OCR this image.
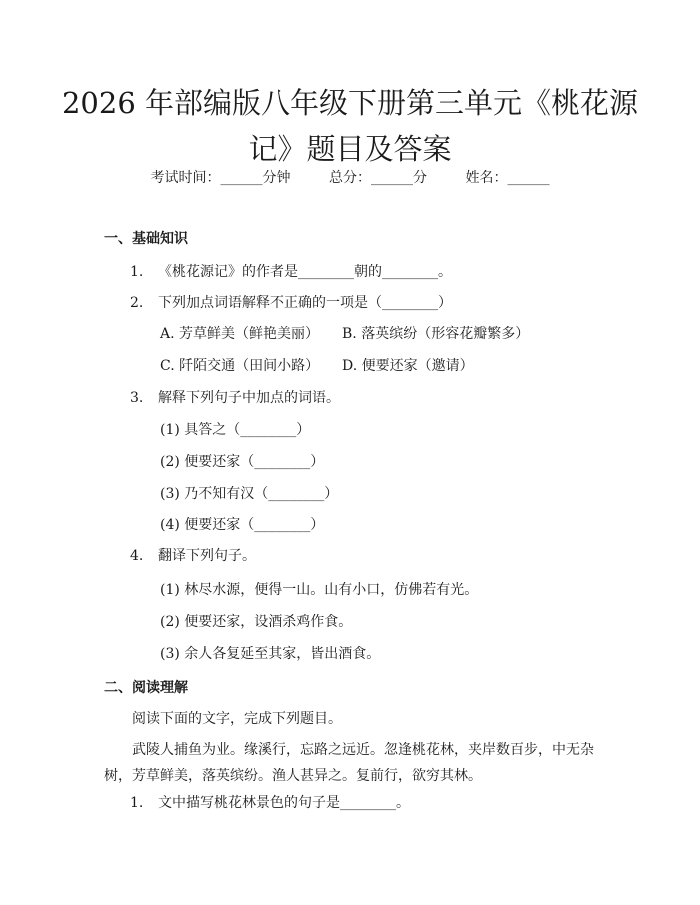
2026 年部编版八年级下册第三单元《桃花源
记》题目及答案
考试时间：______分钟	总分：______分	姓名：______
一、基础知识
1. 《桃花源记》的作者是________朝的________。
2. 下列加点词语解释不正确的一项是（________）
A. 芳草鲜美（鲜艳美丽） B. 落英缤纷（形容花瓣繁多）
C. 阡陌交通（田间小路） D. 便要还家（邀请）
3. 解释下列句子中加点的词语。
(1) 具答之（________）
(2) 便要还家（________）
(3) 乃不知有汉（________）
(4) 便要还家（________）
4. 翻译下列句子。
(1) 林尽水源，便得一山。山有小口，仿佛若有光。
(2) 便要还家，设酒杀鸡作食。
(3) 余人各复延至其家，皆出酒食。
二、阅读理解
阅读下面的文字，完成下列题目。
武陵人捕鱼为业。缘溪行，忘路之远近。忽逢桃花林，夹岸数百步，中无杂树，芳草鲜美，落英缤纷。渔人甚异之。复前行，欲穷其林。
1. 文中描写桃花林景色的句子是________。
